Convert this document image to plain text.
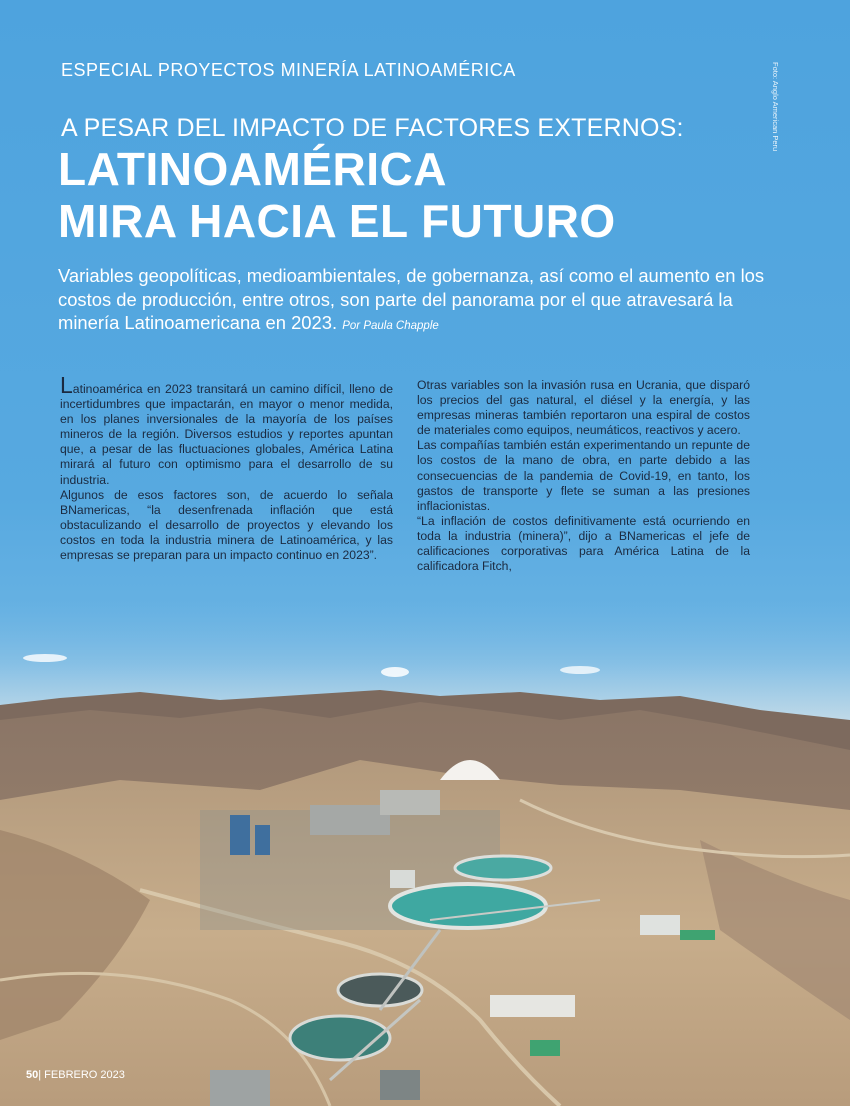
ESPECIAL PROYECTOS MINERÍA LATINOAMÉRICA	Foto: Anglo American Peru
A PESAR DEL IMPACTO DE FACTORES EXTERNOS:
LATINOAMÉRICA
MIRA HACIA EL FUTURO
Variables geopolíticas, medioambientales, de gobernanza, así como el aumento en los costos de producción, entre otros, son parte del panorama por el que atravesará la minería Latinoamericana en 2023. Por Paula Chapple

Latinoamérica en 2023 transitará un camino difícil, lleno de incertidumbres que impactarán, en mayor o menor medida, en los planes inversionales de la mayoría de los países mineros de la región. Diversos estudios y reportes apuntan que, a pesar de las fluctuaciones globales, América Latina mirará al futuro con optimismo para el desarrollo de su industria.

Algunos de esos factores son, de acuerdo lo señala BNamericas, “la desenfrenada inflación que está obstaculizando el desarrollo de proyectos y elevando los costos en toda la industria minera de Latinoamérica, y las empresas se preparan para un impacto continuo en 2023”.

Otras variables son la invasión rusa en Ucrania, que disparó los precios del gas natural, el diésel y la energía, y las empresas mineras también reportaron una espiral de costos de materiales como equipos, neumáticos, reactivos y acero.

Las compañías también están experimentando un repunte de los costos de la mano de obra, en parte debido a las consecuencias de la pandemia de Covid-19, en tanto, los gastos de transporte y flete se suman a las presiones inflacionistas.

“La inflación de costos definitivamente está ocurriendo en toda la industria (minera)”, dijo a BNamericas el jefe de calificaciones corporativas para América Latina de la calificadora Fitch,

50| FEBRERO 2023
